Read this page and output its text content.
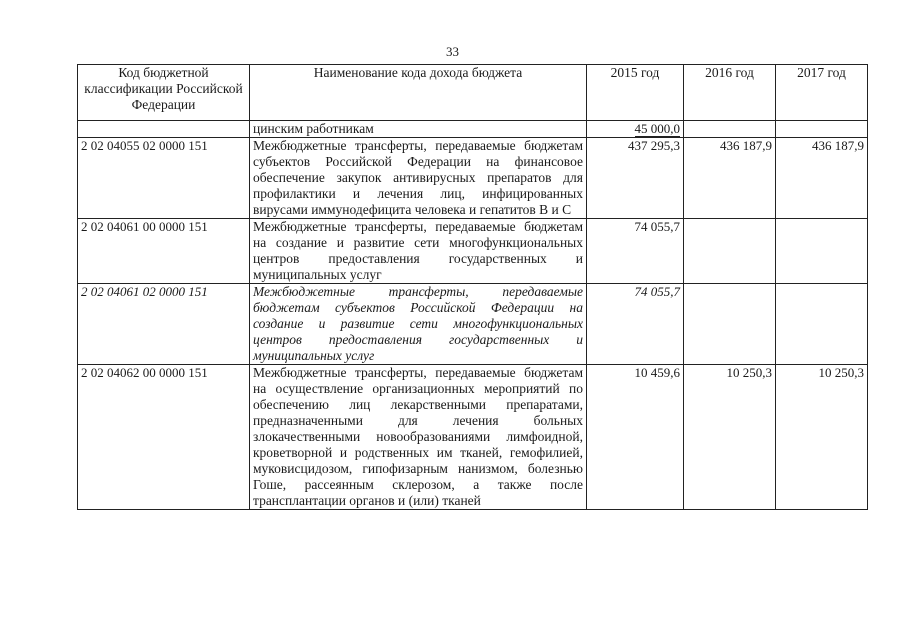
33
Код бюджетной классификации Российской Федерации	Наименование кода дохода бюджета	2015 год	2016 год	2017 год
	цинским работникам	45 000,0		
2 02 04055 02 0000 151	Межбюджетные трансферты, передаваемые бюджетам субъектов Российской Федерации на финансовое обеспечение закупок антивирусных препаратов для профилактики и лечения лиц, инфицированных вирусами иммунодефицита человека и гепатитов В и С	437 295,3	436 187,9	436 187,9
2 02 04061 00 0000 151	Межбюджетные трансферты, передаваемые бюджетам на создание и развитие сети многофункциональных центров предоставления государственных и муниципальных услуг	74 055,7		
2 02 04061 02 0000 151	Межбюджетные трансферты, передаваемые бюджетам субъектов Российской Федерации на создание и развитие сети многофункциональных центров предоставления государственных и муниципальных услуг	74 055,7		
2 02 04062 00 0000 151	Межбюджетные трансферты, передаваемые бюджетам на осуществление организационных мероприятий по обеспечению лиц лекарственными препаратами, предназначенными для лечения больных злокачественными новообразованиями лимфоидной, кроветворной и родственных им тканей, гемофилией, муковисцидозом, гипофизарным нанизмом, болезнью Гоше, рассеянным склерозом, а также после трансплантации органов и (или) тканей	10 459,6	10 250,3	10 250,3
